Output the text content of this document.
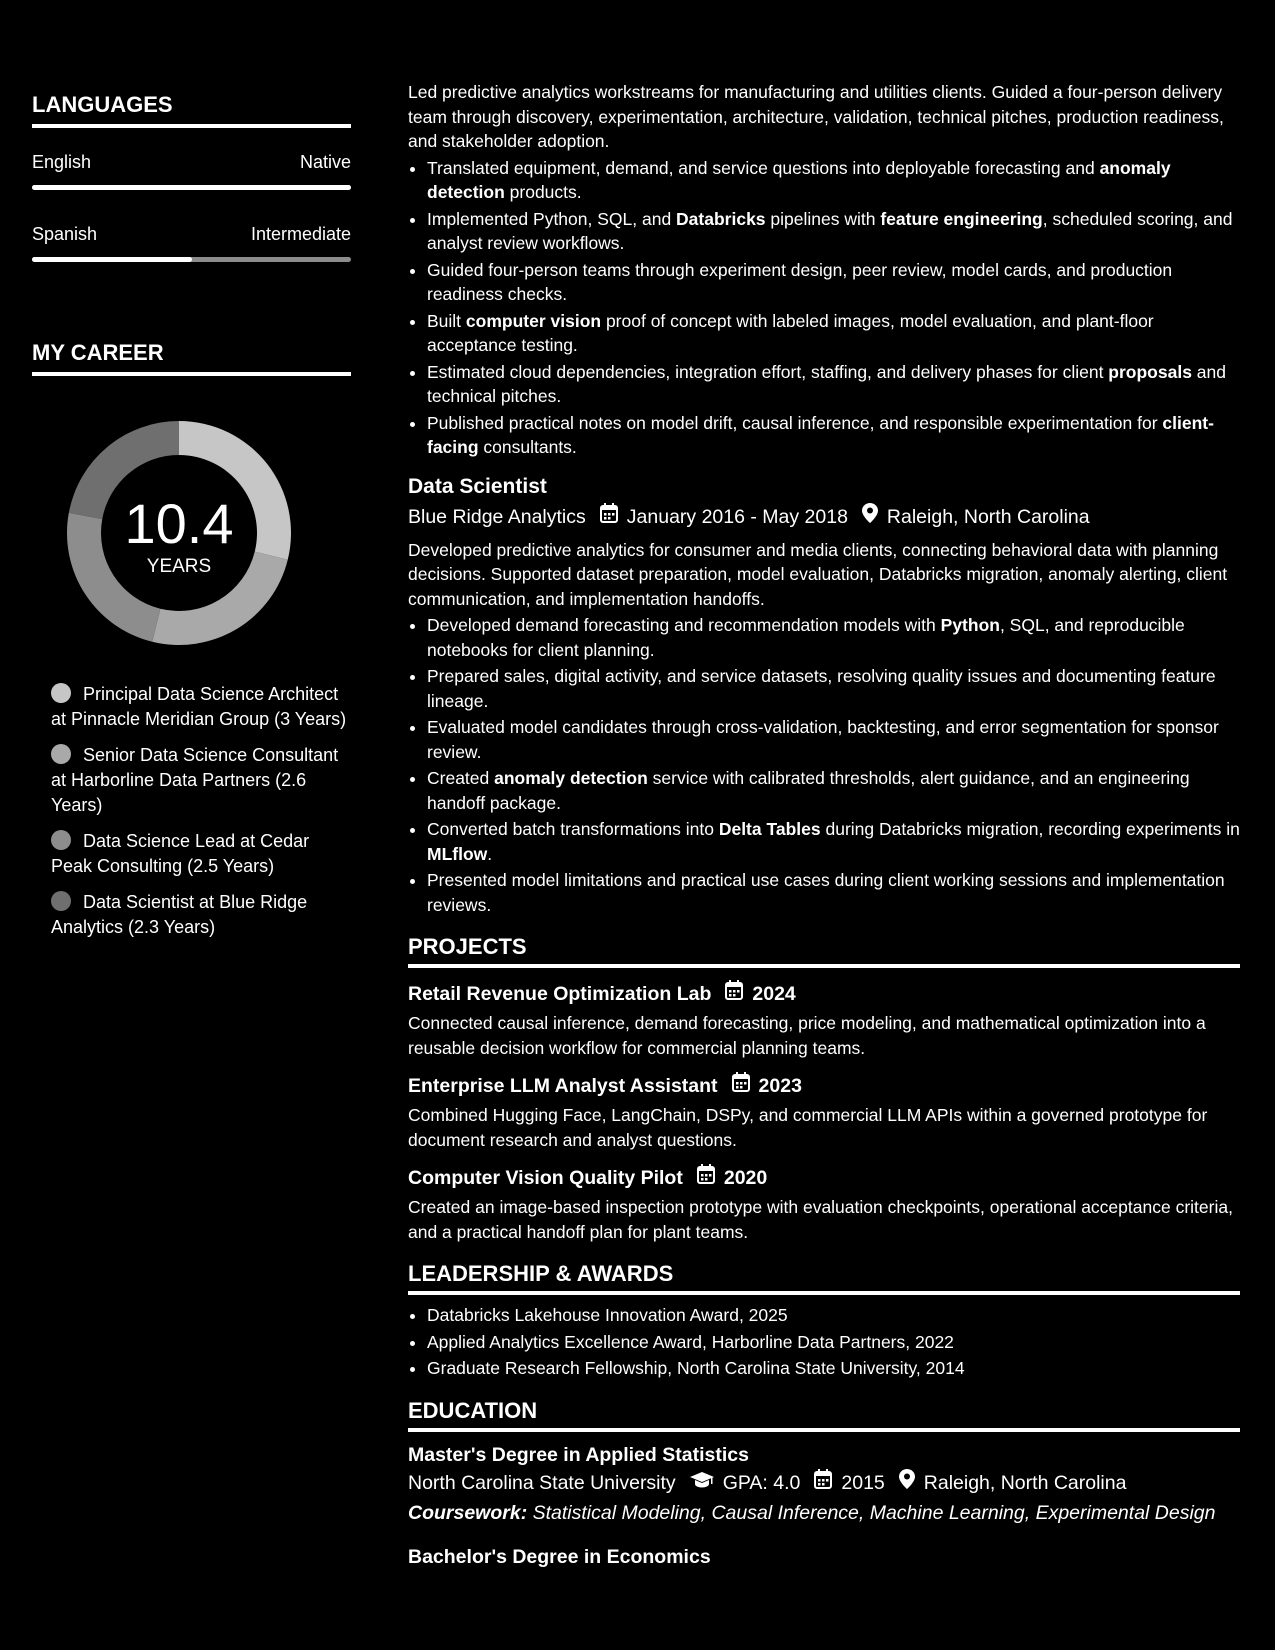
LANGUAGES
English	Native
Spanish	Intermediate
MY CAREER
10.4
YEARS
Principal Data Science Architect at Pinnacle Meridian Group (3 Years)
Senior Data Science Consultant at Harborline Data Partners (2.6 Years)
Data Science Lead at Cedar Peak Consulting (2.5 Years)
Data Scientist at Blue Ridge Analytics (2.3 Years)

Led predictive analytics workstreams for manufacturing and utilities clients. Guided a four-person delivery team through discovery, experimentation, architecture, validation, technical pitches, production readiness, and stakeholder adoption.

• Translated equipment, demand, and service questions into deployable forecasting and anomaly detection products.
• Implemented Python, SQL, and Databricks pipelines with feature engineering, scheduled scoring, and analyst review workflows.
• Guided four-person teams through experiment design, peer review, model cards, and production readiness checks.
• Built computer vision proof of concept with labeled images, model evaluation, and plant-floor acceptance testing.
• Estimated cloud dependencies, integration effort, staffing, and delivery phases for client proposals and technical pitches.
• Published practical notes on model drift, causal inference, and responsible experimentation for client-facing consultants.
Data Scientist
Blue Ridge Analytics January 2016 - May 2018 Raleigh, North Carolina

Developed predictive analytics for consumer and media clients, connecting behavioral data with planning decisions. Supported dataset preparation, model evaluation, Databricks migration, anomaly alerting, client communication, and implementation handoffs.

• Developed demand forecasting and recommendation models with Python, SQL, and reproducible notebooks for client planning.
• Prepared sales, digital activity, and service datasets, resolving quality issues and documenting feature lineage.
• Evaluated model candidates through cross-validation, backtesting, and error segmentation for sponsor review.
• Created anomaly detection service with calibrated thresholds, alert guidance, and an engineering handoff package.
• Converted batch transformations into Delta Tables during Databricks migration, recording experiments in MLflow.
• Presented model limitations and practical use cases during client working sessions and implementation reviews.
PROJECTS
Retail Revenue Optimization Lab 2024

Connected causal inference, demand forecasting, price modeling, and mathematical optimization into a reusable decision workflow for commercial planning teams.

Enterprise LLM Analyst Assistant 2023

Combined Hugging Face, LangChain, DSPy, and commercial LLM APIs within a governed prototype for document research and analyst questions.

Computer Vision Quality Pilot 2020

Created an image-based inspection prototype with evaluation checkpoints, operational acceptance criteria, and a practical handoff plan for plant teams.

LEADERSHIP & AWARDS
• Databricks Lakehouse Innovation Award, 2025
• Applied Analytics Excellence Award, Harborline Data Partners, 2022
• Graduate Research Fellowship, North Carolina State University, 2014
EDUCATION
Master's Degree in Applied Statistics
North Carolina State University GPA: 4.0 2015 Raleigh, North Carolina
Coursework: Statistical Modeling, Causal Inference, Machine Learning, Experimental Design
Bachelor's Degree in Economics
